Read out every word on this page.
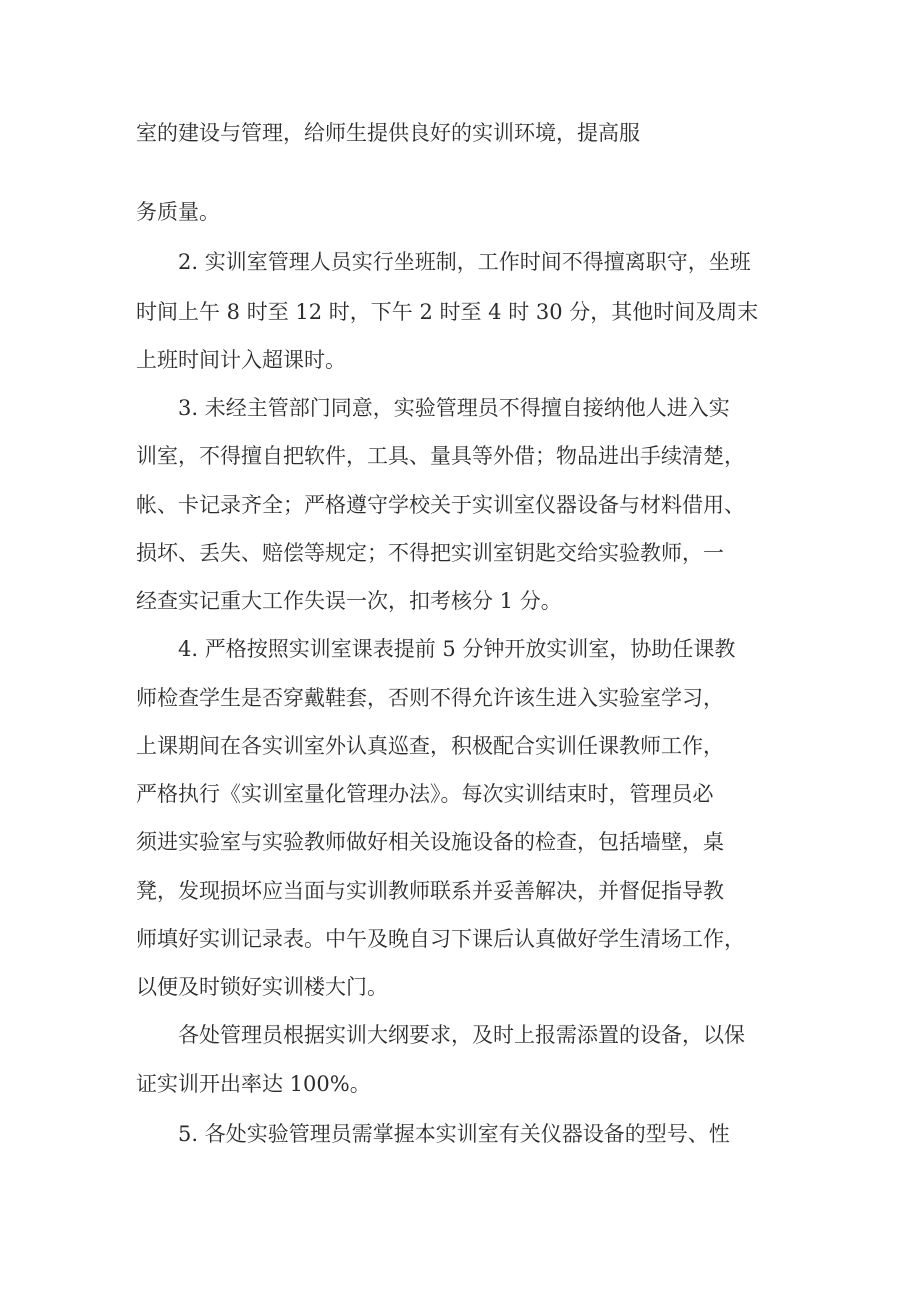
室的建设与管理，给师生提供良好的实训环境，提高服
务质量。
2. 实训室管理人员实行坐班制，工作时间不得擅离职守，坐班
时间上午 8 时至 12 时，下午 2 时至 4 时 30 分，其他时间及周末
上班时间计入超课时。
3. 未经主管部门同意，实验管理员不得擅自接纳他人进入实
训室，不得擅自把软件，工具、量具等外借；物品进出手续清楚，
帐、卡记录齐全；严格遵守学校关于实训室仪器设备与材料借用、
损坏、丢失、赔偿等规定；不得把实训室钥匙交给实验教师，一
经查实记重大工作失误一次，扣考核分 1 分。
4. 严格按照实训室课表提前 5 分钟开放实训室，协助任课教
师检查学生是否穿戴鞋套，否则不得允许该生进入实验室学习，
上课期间在各实训室外认真巡查，积极配合实训任课教师工作，
严格执行《实训室量化管理办法》。每次实训结束时，管理员必
须进实验室与实验教师做好相关设施设备的检查，包括墙壁，桌
凳，发现损坏应当面与实训教师联系并妥善解决，并督促指导教
师填好实训记录表。中午及晚自习下课后认真做好学生清场工作，
以便及时锁好实训楼大门。
各处管理员根据实训大纲要求，及时上报需添置的设备，以保
证实训开出率达 100%。
5. 各处实验管理员需掌握本实训室有关仪器设备的型号、性
